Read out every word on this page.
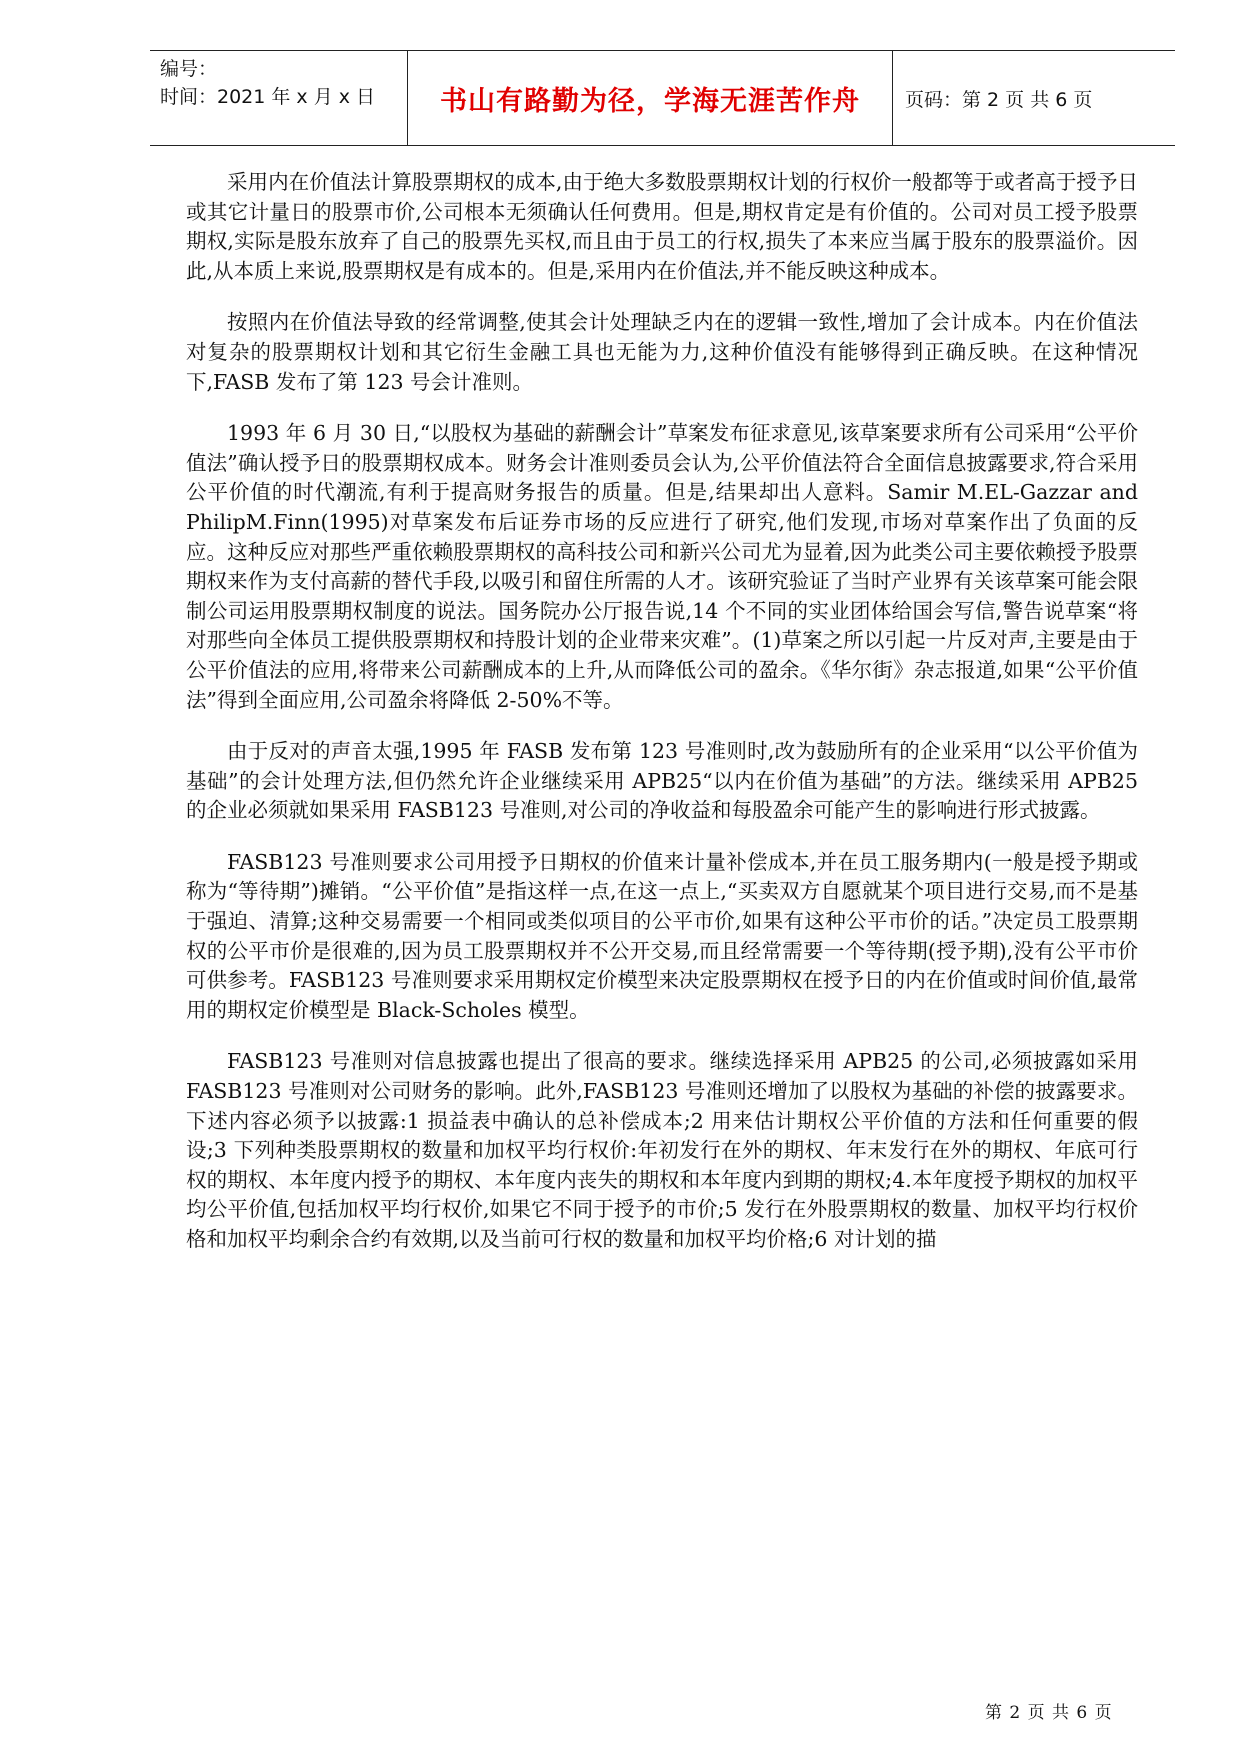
编号：
时间：2021 年 x 月 x 日	书山有路勤为径，学海无涯苦作舟	页码：第 2 页 共 6 页

采用内在价值法计算股票期权的成本,由于绝大多数股票期权计划的行权价一般都等于或者高于授予日或其它计量日的股票市价,公司根本无须确认任何费用。但是,期权肯定是有价值的。公司对员工授予股票期权,实际是股东放弃了自己的股票先买权,而且由于员工的行权,损失了本来应当属于股东的股票溢价。因此,从本质上来说,股票期权是有成本的。但是,采用内在价值法,并不能反映这种成本。

按照内在价值法导致的经常调整,使其会计处理缺乏内在的逻辑一致性,增加了会计成本。内在价值法对复杂的股票期权计划和其它衍生金融工具也无能为力,这种价值没有能够得到正确反映。在这种情况下,FASB 发布了第 123 号会计准则。

1993 年 6 月 30 日,“以股权为基础的薪酬会计”草案发布征求意见,该草案要求所有公司采用“公平价值法”确认授予日的股票期权成本。财务会计准则委员会认为,公平价值法符合全面信息披露要求,符合采用公平价值的时代潮流,有利于提高财务报告的质量。但是,结果却出人意料。Samir M.EL-Gazzar and PhilipM.Finn(1995)对草案发布后证券市场的反应进行了研究,他们发现,市场对草案作出了负面的反应。这种反应对那些严重依赖股票期权的高科技公司和新兴公司尤为显着,因为此类公司主要依赖授予股票期权来作为支付高薪的替代手段,以吸引和留住所需的人才。该研究验证了当时产业界有关该草案可能会限制公司运用股票期权制度的说法。国务院办公厅报告说,14 个不同的实业团体给国会写信,警告说草案“将对那些向全体员工提供股票期权和持股计划的企业带来灾难”。(1)草案之所以引起一片反对声,主要是由于公平价值法的应用,将带来公司薪酬成本的上升,从而降低公司的盈余。《华尔街》杂志报道,如果“公平价值法”得到全面应用,公司盈余将降低 2-50%不等。

由于反对的声音太强,1995 年 FASB 发布第 123 号准则时,改为鼓励所有的企业采用“以公平价值为基础”的会计处理方法,但仍然允许企业继续采用 APB25“以内在价值为基础”的方法。继续采用 APB25 的企业必须就如果采用 FASB123 号准则,对公司的净收益和每股盈余可能产生的影响进行形式披露。

FASB123 号准则要求公司用授予日期权的价值来计量补偿成本,并在员工服务期内(一般是授予期或称为“等待期”)摊销。“公平价值”是指这样一点,在这一点上,“买卖双方自愿就某个项目进行交易,而不是基于强迫、清算;这种交易需要一个相同或类似项目的公平市价,如果有这种公平市价的话。”决定员工股票期权的公平市价是很难的,因为员工股票期权并不公开交易,而且经常需要一个等待期(授予期),没有公平市价可供参考。FASB123 号准则要求采用期权定价模型来决定股票期权在授予日的内在价值或时间价值,最常用的期权定价模型是 Black-Scholes 模型。

FASB123 号准则对信息披露也提出了很高的要求。继续选择采用 APB25 的公司,必须披露如采用 FASB123 号准则对公司财务的影响。此外,FASB123 号准则还增加了以股权为基础的补偿的披露要求。下述内容必须予以披露:1 损益表中确认的总补偿成本;2 用来估计期权公平价值的方法和任何重要的假设;3 下列种类股票期权的数量和加权平均行权价:年初发行在外的期权、年末发行在外的期权、年底可行权的期权、本年度内授予的期权、本年度内丧失的期权和本年度内到期的期权;4.本年度授予期权的加权平均公平价值,包括加权平均行权价,如果它不同于授予的市价;5 发行在外股票期权的数量、加权平均行权价格和加权平均剩余合约有效期,以及当前可行权的数量和加权平均价格;6 对计划的描

第 2 页 共 6 页
